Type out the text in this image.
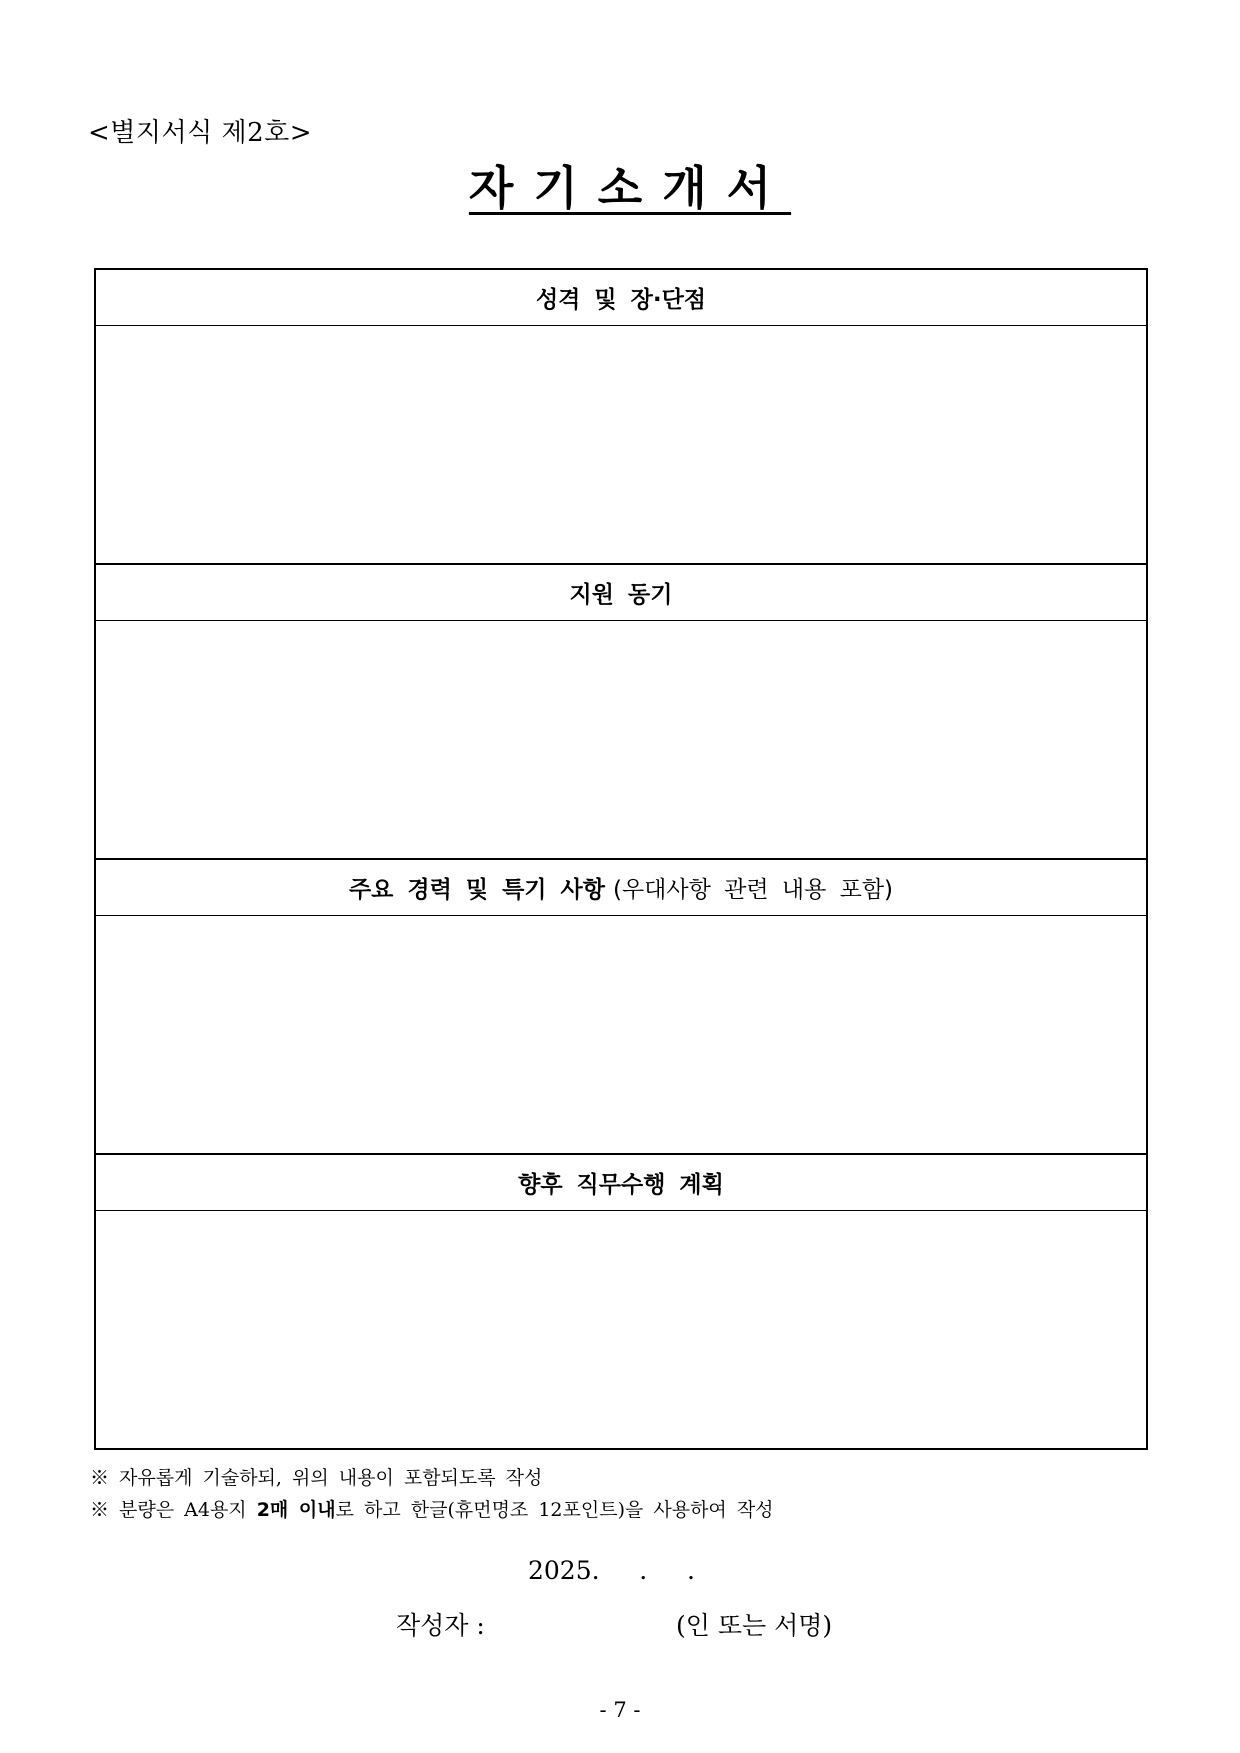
<별지서식 제2호>
자기소개서
성격 및 장·단점
지원 동기
주요 경력 및 특기 사항 (우대사항 관련 내용 포함)
향후 직무수행 계획
※ 자유롭게 기술하되, 위의 내용이 포함되도록 작성
※ 분량은 A4용지 2매 이내로 하고 한글(휴먼명조 12포인트)을 사용하여 작성
2025.     .     .
작성자 :	(인 또는 서명)
- 7 -
